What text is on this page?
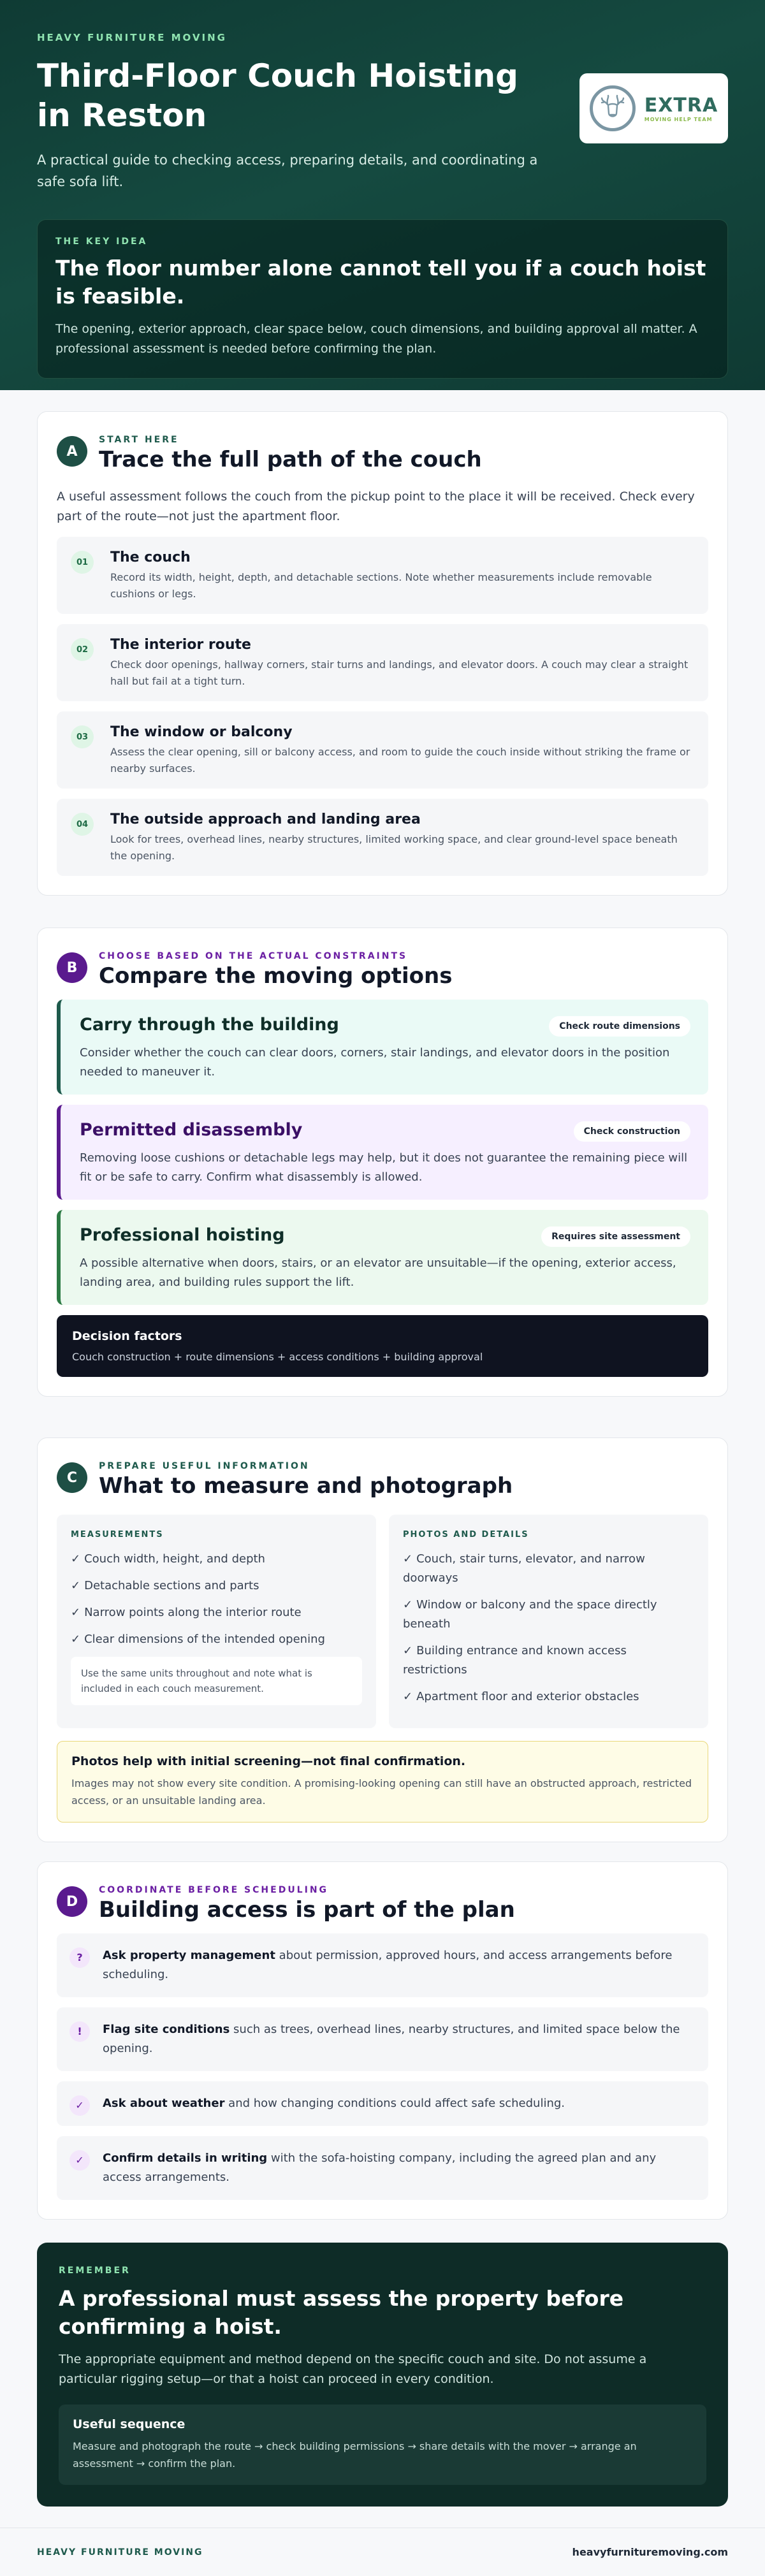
HEAVY FURNITURE MOVING
Third-Floor Couch Hoisting in Reston

A practical guide to checking access, preparing details, and coordinating a safe sofa lift.

EXTRA
MOVING HELP TEAM
THE KEY IDEA
The floor number alone cannot tell you if a couch hoist is feasible.

The opening, exterior approach, clear space below, couch dimensions, and building approval all matter. A professional assessment is needed before confirming the plan.

A
START HERE
Trace the full path of the couch

A useful assessment follows the couch from the pickup point to the place it will be received. Check every part of the route—not just the apartment floor.

01	The couch

Record its width, height, depth, and detachable sections. Note whether measurements include removable cushions or legs.

02	The interior route

Check door openings, hallway corners, stair turns and landings, and elevator doors. A couch may clear a straight hall but fail at a tight turn.

03	The window or balcony

Assess the clear opening, sill or balcony access, and room to guide the couch inside without striking the frame or nearby surfaces.

04	The outside approach and landing area

Look for trees, overhead lines, nearby structures, limited working space, and clear ground-level space beneath the opening.

B
CHOOSE BASED ON THE ACTUAL CONSTRAINTS
Compare the moving options
Carry through the building	Check route dimensions

Consider whether the couch can clear doors, corners, stair landings, and elevator doors in the position needed to maneuver it.

Permitted disassembly	Check construction

Removing loose cushions or detachable legs may help, but it does not guarantee the remaining piece will fit or be safe to carry. Confirm what disassembly is allowed.

Professional hoisting	Requires site assessment

A possible alternative when doors, stairs, or an elevator are unsuitable—if the opening, exterior access, landing area, and building rules support the lift.

Decision factors

Couch construction + route dimensions + access conditions + building approval

C
PREPARE USEFUL INFORMATION
What to measure and photograph
MEASUREMENTS
✓ Couch width, height, and depth
✓ Detachable sections and parts
✓ Narrow points along the interior route
✓ Clear dimensions of the intended opening
Use the same units throughout and note what is included in each couch measurement.
PHOTOS AND DETAILS
✓ Couch, stair turns, elevator, and narrow doorways
✓ Window or balcony and the space directly beneath
✓ Building entrance and known access restrictions
✓ Apartment floor and exterior obstacles
Photos help with initial screening—not final confirmation.

Images may not show every site condition. A promising-looking opening can still have an obstructed approach, restricted access, or an unsuitable landing area.

D
COORDINATE BEFORE SCHEDULING
Building access is part of the plan
?	Ask property management about permission, approved hours, and access arrangements before scheduling.
!	Flag site conditions such as trees, overhead lines, nearby structures, and limited space below the opening.
✓	Ask about weather and how changing conditions could affect safe scheduling.
✓	Confirm details in writing with the sofa-hoisting company, including the agreed plan and any access arrangements.
REMEMBER
A professional must assess the property before confirming a hoist.

The appropriate equipment and method depend on the specific couch and site. Do not assume a particular rigging setup—or that a hoist can proceed in every condition.

Useful sequence

Measure and photograph the route → check building permissions → share details with the mover → arrange an assessment → confirm the plan.

HEAVY FURNITURE MOVING	heavyfurnituremoving.com
